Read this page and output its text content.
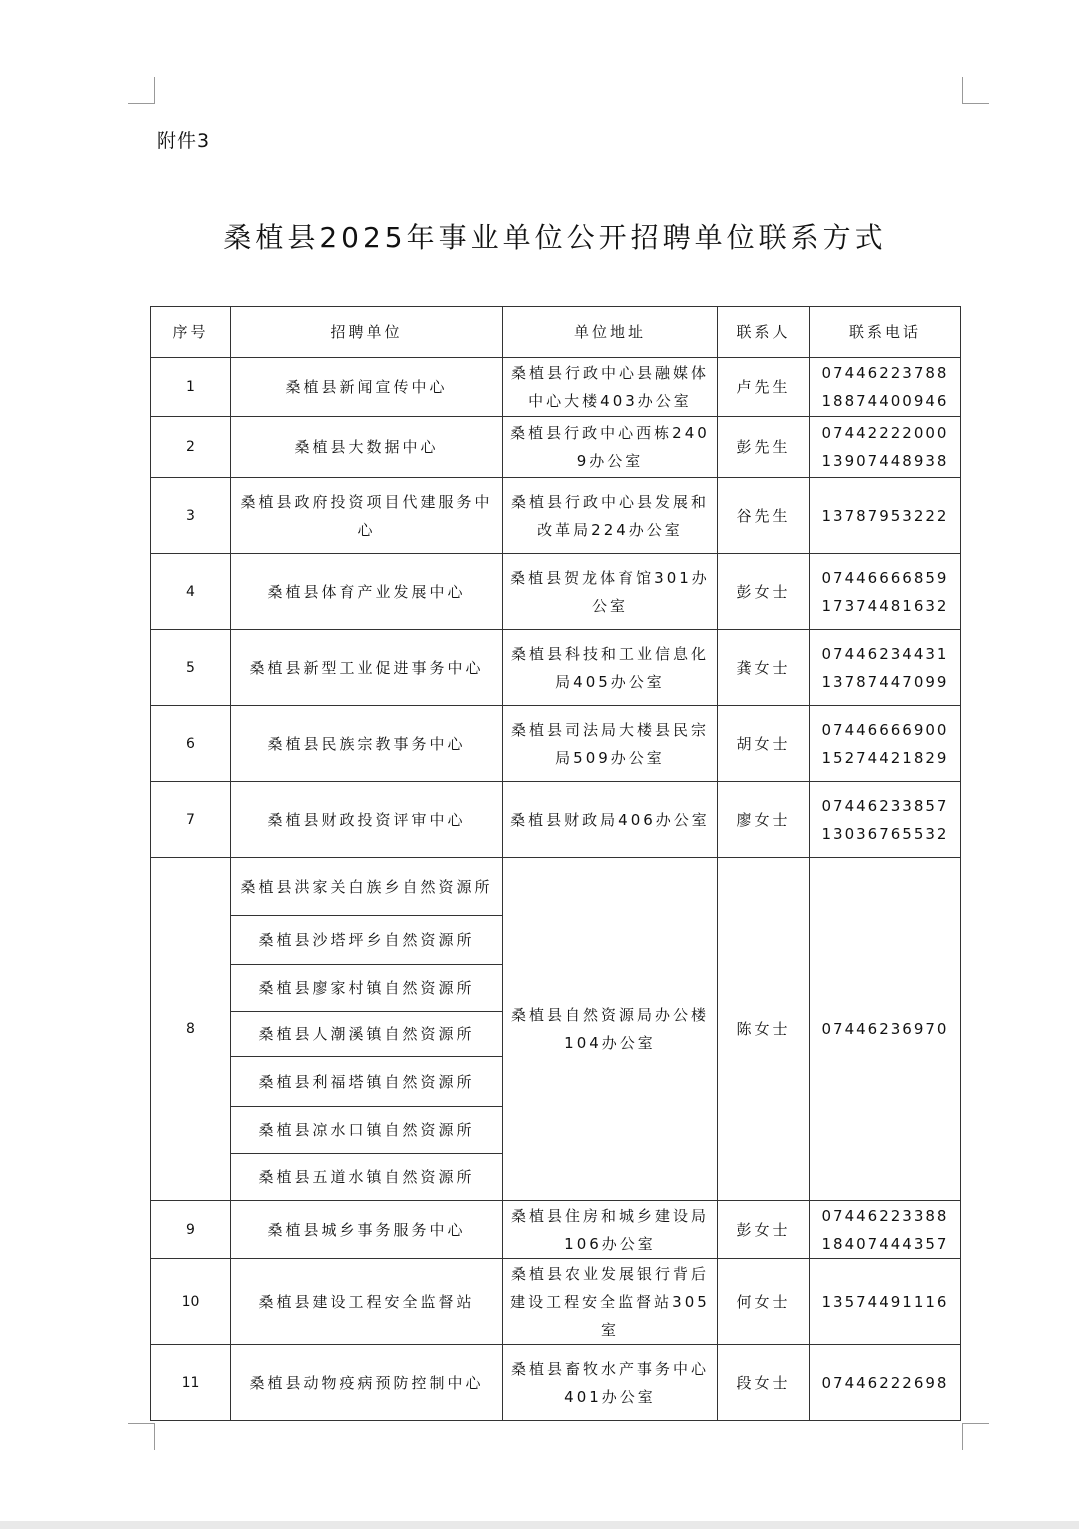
附件3
桑植县2025年事业单位公开招聘单位联系方式
序号	招聘单位	单位地址	联系人	联系电话
1	桑植县新闻宣传中心	桑植县行政中心县融媒体中心大楼403办公室	卢先生	07446223788
18874400946

2	桑植县大数据中心	桑植县行政中心西栋2409办公室	彭先生	07442222000
13907448938

3	桑植县政府投资项目代建服务中心	桑植县行政中心县发展和改革局224办公室	谷先生	13787953222

4	桑植县体育产业发展中心	桑植县贺龙体育馆301办公室	彭女士	07446666859
17374481632

5	桑植县新型工业促进事务中心	桑植县科技和工业信息化局405办公室	龚女士	07446234431
13787447099

6	桑植县民族宗教事务中心	桑植县司法局大楼县民宗局509办公室	胡女士	07446666900
15274421829

7	桑植县财政投资评审中心	桑植县财政局406办公室	廖女士	07446233857
13036765532

8	桑植县洪家关白族乡自然资源所	桑植县自然资源局办公楼104办公室	陈女士	07446236970
	桑植县沙塔坪乡自然资源所			
	桑植县廖家村镇自然资源所			
	桑植县人潮溪镇自然资源所			
	桑植县利福塔镇自然资源所			
	桑植县凉水口镇自然资源所			
	桑植县五道水镇自然资源所			
9	桑植县城乡事务服务中心	桑植县住房和城乡建设局106办公室	彭女士	07446223388
18407444357

10	桑植县建设工程安全监督站	桑植县农业发展银行背后建设工程安全监督站305室	何女士	13574491116

11	桑植县动物疫病预防控制中心	桑植县畜牧水产事务中心401办公室	段女士	07446222698
